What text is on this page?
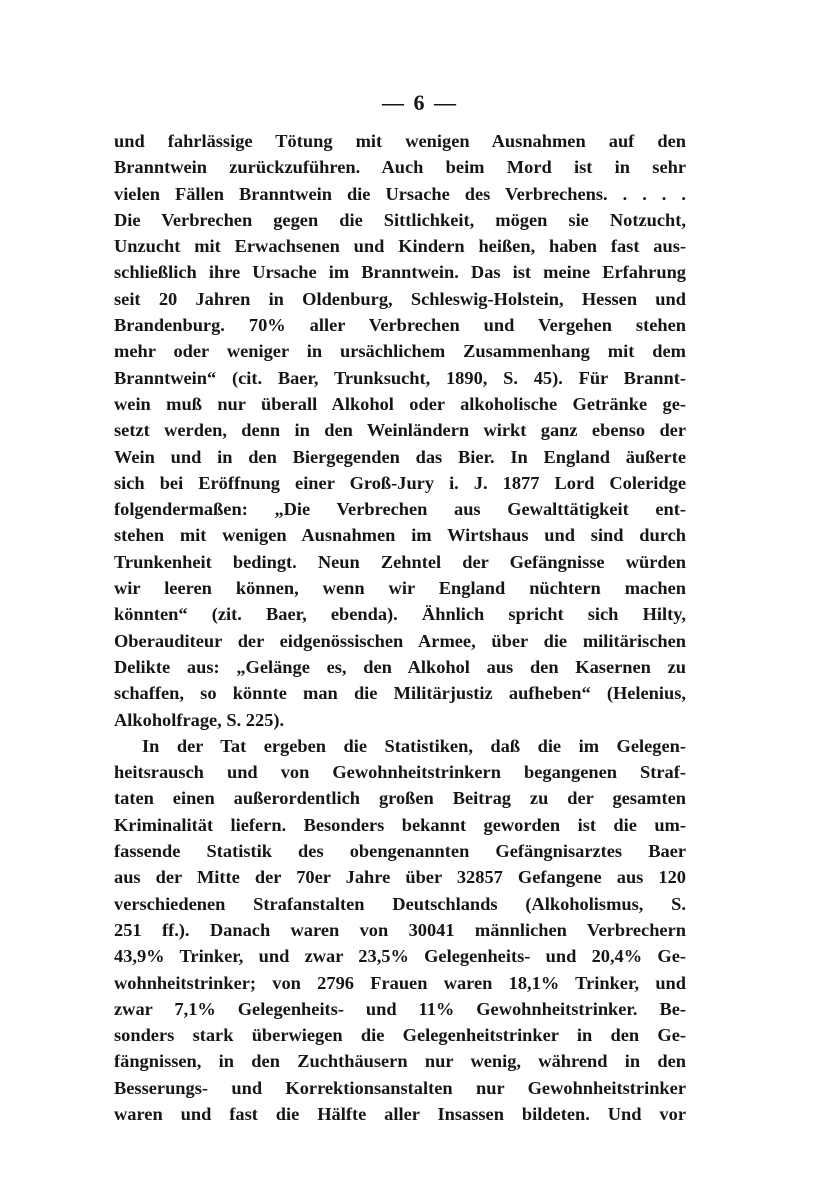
— 6 —
und fahrlässige Tötung mit wenigen Ausnahmen auf den
Branntwein zurückzuführen. Auch beim Mord ist in sehr
vielen Fällen Branntwein die Ursache des Verbrechens. . . . .
Die Verbrechen gegen die Sittlichkeit, mögen sie Notzucht,
Unzucht mit Erwachsenen und Kindern heißen, haben fast aus-
schließlich ihre Ursache im Branntwein. Das ist meine Erfahrung
seit 20 Jahren in Oldenburg, Schleswig-Holstein, Hessen und
Brandenburg. 70% aller Verbrechen und Vergehen stehen
mehr oder weniger in ursächlichem Zusammenhang mit dem
Branntwein“ (cit. Baer, Trunksucht, 1890, S. 45). Für Brannt-
wein muß nur überall Alkohol oder alkoholische Getränke ge-
setzt werden, denn in den Weinländern wirkt ganz ebenso der
Wein und in den Biergegenden das Bier. In England äußerte
sich bei Eröffnung einer Groß-Jury i. J. 1877 Lord Coleridge
folgendermaßen: „Die Verbrechen aus Gewalttätigkeit ent-
stehen mit wenigen Ausnahmen im Wirtshaus und sind durch
Trunkenheit bedingt. Neun Zehntel der Gefängnisse würden
wir leeren können, wenn wir England nüchtern machen
könnten“ (zit. Baer, ebenda). Ähnlich spricht sich Hilty,
Oberauditeur der eidgenössischen Armee, über die militärischen
Delikte aus: „Gelänge es, den Alkohol aus den Kasernen zu
schaffen, so könnte man die Militärjustiz aufheben“ (Helenius,
Alkoholfrage, S. 225).
In der Tat ergeben die Statistiken, daß die im Gelegen-
heitsrausch und von Gewohnheitstrinkern begangenen Straf-
taten einen außerordentlich großen Beitrag zu der gesamten
Kriminalität liefern. Besonders bekannt geworden ist die um-
fassende Statistik des obengenannten Gefängnisarztes Baer
aus der Mitte der 70er Jahre über 32857 Gefangene aus 120
verschiedenen Strafanstalten Deutschlands (Alkoholismus, S.
251 ff.). Danach waren von 30041 männlichen Verbrechern
43,9% Trinker, und zwar 23,5% Gelegenheits- und 20,4% Ge-
wohnheitstrinker; von 2796 Frauen waren 18,1% Trinker, und
zwar 7,1% Gelegenheits- und 11% Gewohnheitstrinker. Be-
sonders stark überwiegen die Gelegenheitstrinker in den Ge-
fängnissen, in den Zuchthäusern nur wenig, während in den
Besserungs- und Korrektionsanstalten nur Gewohnheitstrinker
waren und fast die Hälfte aller Insassen bildeten. Und vor
